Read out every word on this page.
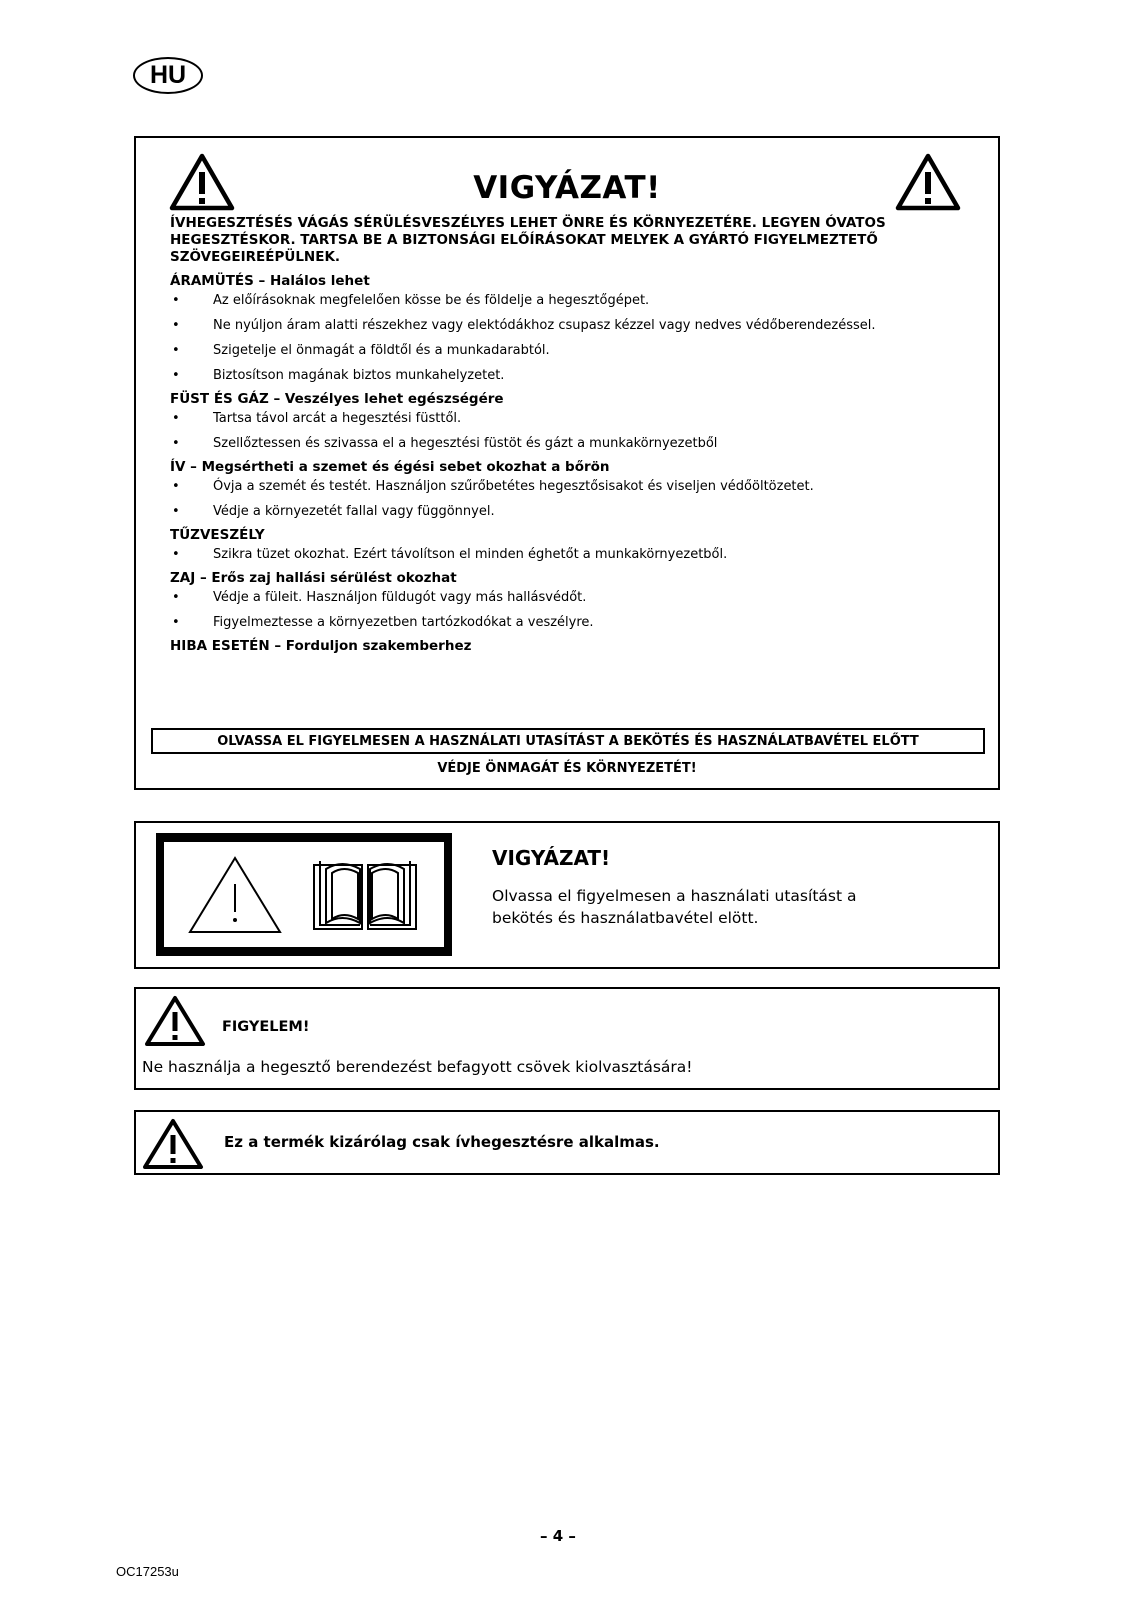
HU
VIGYÁZAT!

ÍVHEGESZTÉSÉS VÁGÁS SÉRÜLÉSVESZÉLYES LEHET ÖNRE ÉS KÖRNYEZETÉRE. LEGYEN ÓVATOS HEGESZTÉSKOR. TARTSA BE A BIZTONSÁGI ELŐÍRÁSOKAT MELYEK A GYÁRTÓ FIGYELMEZTETŐ SZÖVEGEIREÉPÜLNEK.

ÁRAMÜTÉS – Halálos lehet
• Az előírásoknak megfelelően kösse be és földelje a hegesztőgépet.
• Ne nyúljon áram alatti részekhez vagy elektódákhoz csupasz kézzel vagy nedves védőberendezéssel.
• Szigetelje el önmagát a földtől és a munkadarabtól.
• Biztosítson magának biztos munkahelyzetet.
FÜST ÉS GÁZ – Veszélyes lehet egészségére
• Tartsa távol arcát a hegesztési füsttől.
• Szellőztessen és szivassa el a hegesztési füstöt és gázt a munkakörnyezetből
ÍV – Megsértheti a szemet és égési sebet okozhat a bőrön
• Óvja a szemét és testét. Használjon szűrőbetétes hegesztősisakot és viseljen védőöltözetet.
• Védje a környezetét fallal vagy függönnyel.
TŰZVESZÉLY
• Szikra tüzet okozhat. Ezért távolítson el minden éghetőt a munkakörnyezetből.
ZAJ – Erős zaj hallási sérülést okozhat
• Védje a füleit. Használjon füldugót vagy más hallásvédőt.
• Figyelmeztesse a környezetben tartózkodókat a veszélyre.
HIBA ESETÉN – Forduljon szakemberhez
OLVASSA EL FIGYELMESEN A HASZNÁLATI UTASÍTÁST A BEKÖTÉS ÉS HASZNÁLATBAVÉTEL ELŐTT
VÉDJE ÖNMAGÁT ÉS KÖRNYEZETÉT!
VIGYÁZAT!
Olvassa el figyelmesen a használati utasítást a bekötés és használatbavétel elött.
FIGYELEM!
Ne használja a hegesztő berendezést befagyott csövek kiolvasztására!
Ez a termék kizárólag csak ívhegesztésre alkalmas.
– 4 –
OC17253u
